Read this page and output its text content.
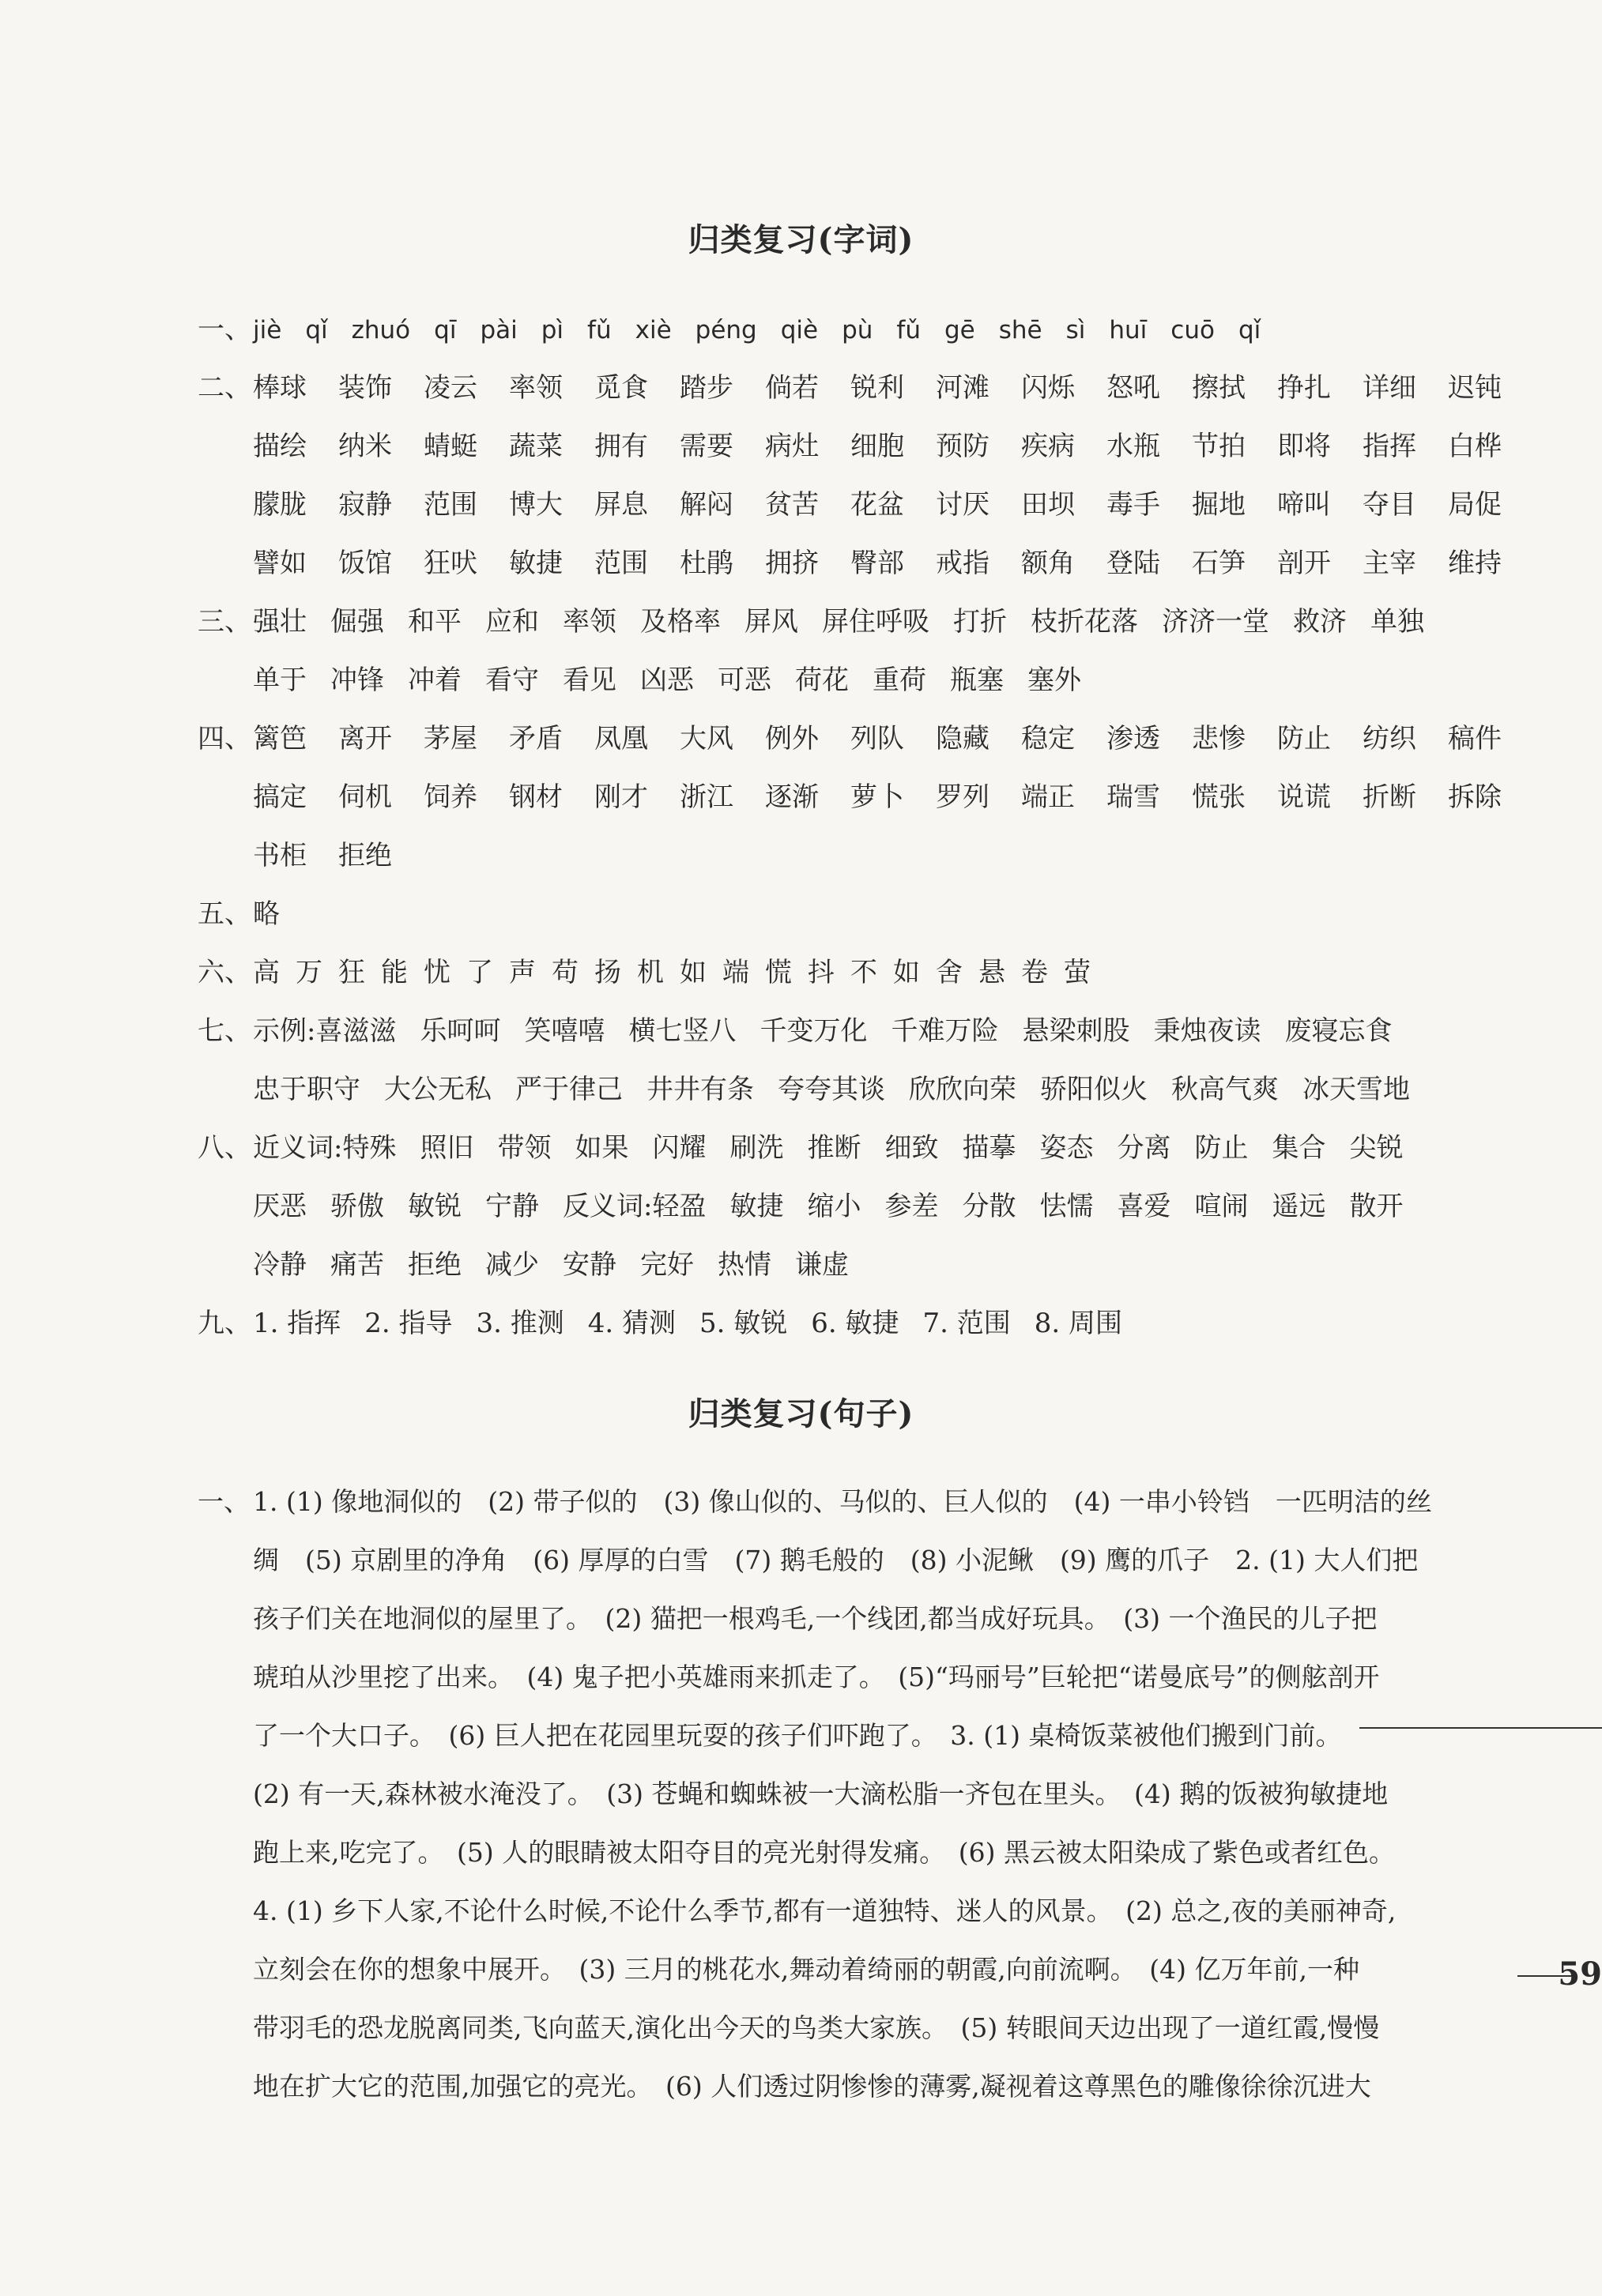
归类复习(字词)
一、 jiè qǐ zhuó qī pài pì fǔ xiè péng qiè pù fǔ gē shē sì huī cuō qǐ
二、 棒球	装饰	凌云	率领	觅食	踏步	倘若	锐利	河滩	闪烁	怒吼	擦拭	挣扎	详细	迟钝
描绘	纳米	蜻蜓	蔬菜	拥有	需要	病灶	细胞	预防	疾病	水瓶	节拍	即将	指挥	白桦
朦胧	寂静	范围	博大	屏息	解闷	贫苦	花盆	讨厌	田坝	毒手	掘地	啼叫	夺目	局促
譬如	饭馆	狂吠	敏捷	范围	杜鹃	拥挤	臀部	戒指	额角	登陆	石笋	剖开	主宰	维持
三、 强壮 倔强 和平 应和 率领 及格率 屏风 屏住呼吸 打折 枝折花落 济济一堂 救济 单独
单于 冲锋 冲着 看守 看见 凶恶 可恶 荷花 重荷 瓶塞 塞外
四、 篱笆	离开	茅屋	矛盾	凤凰	大风	例外	列队	隐藏	稳定	渗透	悲惨	防止	纺织	稿件
搞定	伺机	饲养	钢材	刚才	浙江	逐渐	萝卜	罗列	端正	瑞雪	慌张	说谎	折断	拆除
书柜	拒绝
五、 略
六、 高 万 狂 能 忧 了 声 苟 扬 机 如 端 慌 抖 不 如 舍 悬 卷 萤
七、 示例:喜滋滋 乐呵呵 笑嘻嘻 横七竖八 千变万化 千难万险 悬梁刺股 秉烛夜读 废寝忘食
忠于职守 大公无私 严于律己 井井有条 夸夸其谈 欣欣向荣 骄阳似火 秋高气爽 冰天雪地
八、 近义词:特殊 照旧 带领 如果 闪耀 刷洗 推断 细致 描摹 姿态 分离 防止 集合 尖锐
厌恶 骄傲 敏锐 宁静 反义词:轻盈 敏捷 缩小 参差 分散 怯懦 喜爱 喧闹 遥远 散开
冷静 痛苦 拒绝 减少 安静 完好 热情 谦虚
九、 1. 指挥 2. 指导 3. 推测 4. 猜测 5. 敏锐 6. 敏捷 7. 范围 8. 周围
归类复习(句子)
一、 1. (1) 像地洞似的　(2) 带子似的　(3) 像山似的、马似的、巨人似的　(4) 一串小铃铛　一匹明洁的丝
绸　(5) 京剧里的净角　(6) 厚厚的白雪　(7) 鹅毛般的　(8) 小泥鳅　(9) 鹰的爪子　2. (1) 大人们把
孩子们关在地洞似的屋里了。　(2) 猫把一根鸡毛,一个线团,都当成好玩具。　(3) 一个渔民的儿子把
琥珀从沙里挖了出来。　(4) 鬼子把小英雄雨来抓走了。　(5)“玛丽号”巨轮把“诺曼底号”的侧舷剖开
了一个大口子。　(6) 巨人把在花园里玩耍的孩子们吓跑了。　3. (1) 桌椅饭菜被他们搬到门前。
(2) 有一天,森林被水淹没了。　(3) 苍蝇和蜘蛛被一大滴松脂一齐包在里头。　(4) 鹅的饭被狗敏捷地
跑上来,吃完了。　(5) 人的眼睛被太阳夺目的亮光射得发痛。　(6) 黑云被太阳染成了紫色或者红色。
4. (1) 乡下人家,不论什么时候,不论什么季节,都有一道独特、迷人的风景。　(2) 总之,夜的美丽神奇,
立刻会在你的想象中展开。　(3) 三月的桃花水,舞动着绮丽的朝霞,向前流啊。　(4) 亿万年前,一种
带羽毛的恐龙脱离同类,飞向蓝天,演化出今天的鸟类大家族。　(5) 转眼间天边出现了一道红霞,慢慢
地在扩大它的范围,加强它的亮光。　(6) 人们透过阴惨惨的薄雾,凝视着这尊黑色的雕像徐徐沉进大
59
